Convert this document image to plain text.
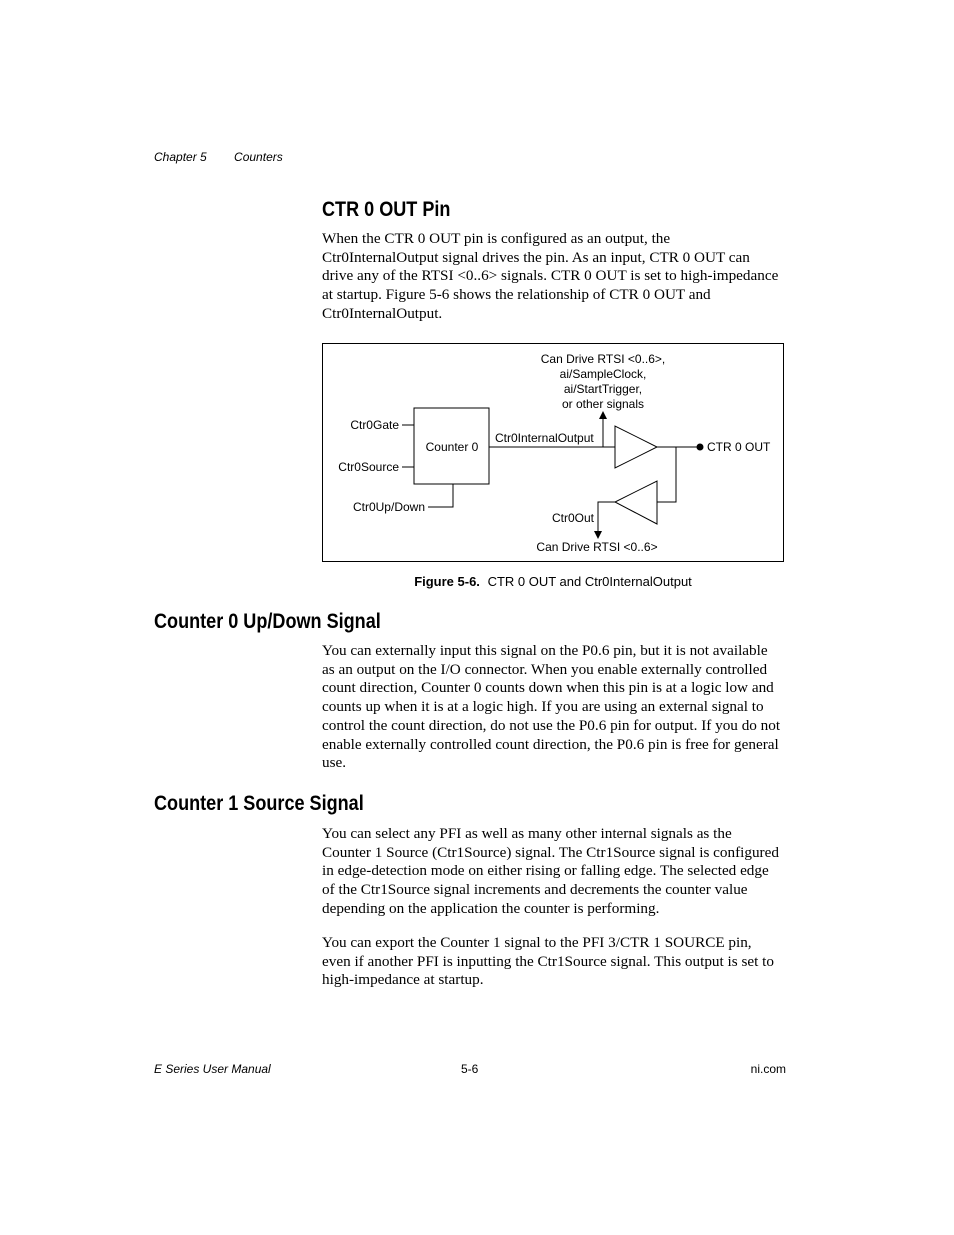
Chapter 5 Counters
CTR 0 OUT Pin
When the CTR 0 OUT pin is configured as an output, the Ctr0InternalOutput signal drives the pin. As an input, CTR 0 OUT can drive any of the RTSI <0..6> signals. CTR 0 OUT is set to high-impedance at startup. Figure 5-6 shows the relationship of CTR 0 OUT and Ctr0InternalOutput.
Can Drive RTSI <0..6>,
ai/SampleClock,
ai/StartTrigger,
or other signals
Counter 0
Ctr0Gate
Ctr0Source
Ctr0Up/Down
Ctr0InternalOutput
CTR 0 OUT
Ctr0Out
Can Drive RTSI <0..6>
Figure 5-6. CTR 0 OUT and Ctr0InternalOutput
Counter 0 Up/Down Signal
You can externally input this signal on the P0.6 pin, but it is not available as an output on the I/O connector. When you enable externally controlled count direction, Counter 0 counts down when this pin is at a logic low and counts up when it is at a logic high. If you are using an external signal to control the count direction, do not use the P0.6 pin for output. If you do not enable externally controlled count direction, the P0.6 pin is free for general use.
Counter 1 Source Signal
You can select any PFI as well as many other internal signals as the Counter 1 Source (Ctr1Source) signal. The Ctr1Source signal is configured in edge-detection mode on either rising or falling edge. The selected edge of the Ctr1Source signal increments and decrements the counter value depending on the application the counter is performing.
You can export the Counter 1 signal to the PFI 3/CTR 1 SOURCE pin, even if another PFI is inputting the Ctr1Source signal. This output is set to high-impedance at startup.
E Series User Manual	5-6	ni.com
